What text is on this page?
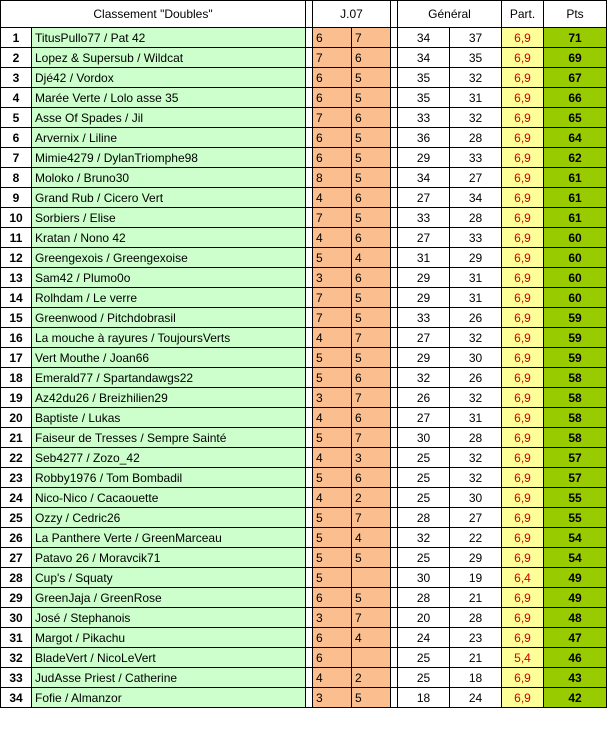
Classement "Doubles"			J.07			Général		Part.	Pts
1	TitusPullo77 / Pat 42		6	7		34	37	6,9	71
2	Lopez & Supersub / Wildcat		7	6		34	35	6,9	69
3	Djé42 / Vordox		6	5		35	32	6,9	67
4	Marée Verte / Lolo asse 35		6	5		35	31	6,9	66
5	Asse Of Spades / Jil		7	6		33	32	6,9	65
6	Arvernix / Liline		6	5		36	28	6,9	64
7	Mimie4279 / DylanTriomphe98		6	5		29	33	6,9	62
8	Moloko / Bruno30		8	5		34	27	6,9	61
9	Grand Rub / Cicero Vert		4	6		27	34	6,9	61
10	Sorbiers / Elise		7	5		33	28	6,9	61
11	Kratan / Nono 42		4	6		27	33	6,9	60
12	Greengexois / Greengexoise		5	4		31	29	6,9	60
13	Sam42 / Plumo0o		3	6		29	31	6,9	60
14	Rolhdam / Le verre		7	5		29	31	6,9	60
15	Greenwood / Pitchdobrasil		7	5		33	26	6,9	59
16	La mouche à rayures / ToujoursVerts		4	7		27	32	6,9	59
17	Vert Mouthe / Joan66		5	5		29	30	6,9	59
18	Emerald77 / Spartandawgs22		5	6		32	26	6,9	58
19	Az42du26 / Breizhilien29		3	7		26	32	6,9	58
20	Baptiste / Lukas		4	6		27	31	6,9	58
21	Faiseur de Tresses / Sempre Sainté		5	7		30	28	6,9	58
22	Seb4277 / Zozo_42		4	3		25	32	6,9	57
23	Robby1976 / Tom Bombadil		5	6		25	32	6,9	57
24	Nico-Nico / Cacaouette		4	2		25	30	6,9	55
25	Ozzy / Cedric26		5	7		28	27	6,9	55
26	La Panthere Verte / GreenMarceau		5	4		32	22	6,9	54
27	Patavo 26 / Moravcik71		5	5		25	29	6,9	54
28	Cup's / Squaty		5			30	19	6,4	49
29	GreenJaja / GreenRose		6	5		28	21	6,9	49
30	José / Stephanois		3	7		20	28	6,9	48
31	Margot / Pikachu		6	4		24	23	6,9	47
32	BladeVert / NicoLeVert		6			25	21	5,4	46
33	JudAsse Priest / Catherine		4	2		25	18	6,9	43
34	Fofie / Almanzor		3	5		18	24	6,9	42
